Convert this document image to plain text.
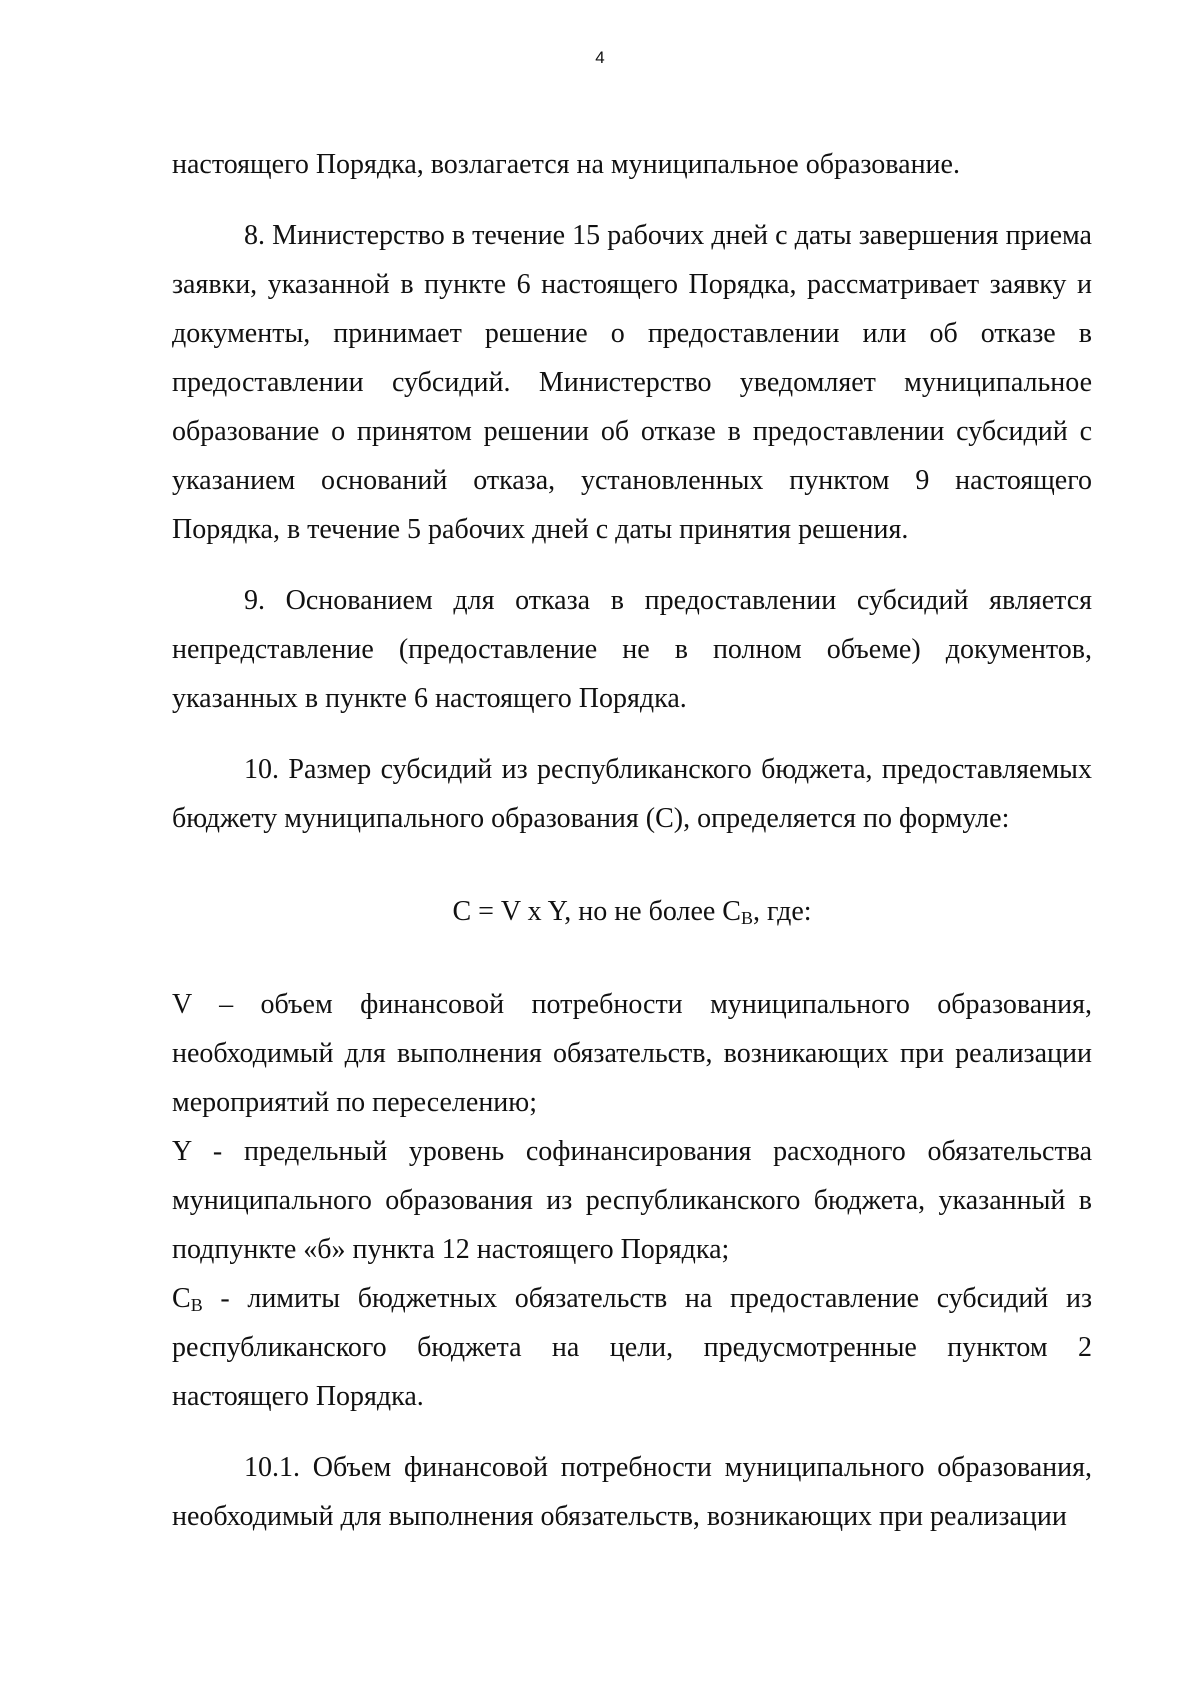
4

настоящего Порядка, возлагается на муниципальное образование.

8. Министерство в течение 15 рабочих дней с даты завершения приема заявки, указанной в пункте 6 настоящего Порядка, рассматривает заявку и документы, принимает решение о предоставлении или об отказе в предоставлении субсидий. Министерство уведомляет муниципальное образование о принятом решении об отказе в предоставлении субсидий с указанием оснований отказа, установленных пунктом 9 настоящего Порядка, в течение 5 рабочих дней с даты принятия решения.

9. Основанием для отказа в предоставлении субсидий является непредставление (предоставление не в полном объеме) документов, указанных в пункте 6 настоящего Порядка.

10. Размер субсидий из республиканского бюджета, предоставляемых бюджету муниципального образования (С), определяется по формуле:

С = V x Y, но не более $С_В$, где:

V – объем финансовой потребности муниципального образования, необходимый для выполнения обязательств, возникающих при реализации мероприятий по переселению;

Y - предельный уровень софинансирования расходного обязательства муниципального образования из республиканского бюджета, указанный в подпункте «б» пункта 12 настоящего Порядка;

$С_В$ - лимиты бюджетных обязательств на предоставление субсидий из республиканского бюджета на цели, предусмотренные пунктом 2 настоящего Порядка.

10.1. Объем финансовой потребности муниципального образования, необходимый для выполнения обязательств, возникающих при реализации
